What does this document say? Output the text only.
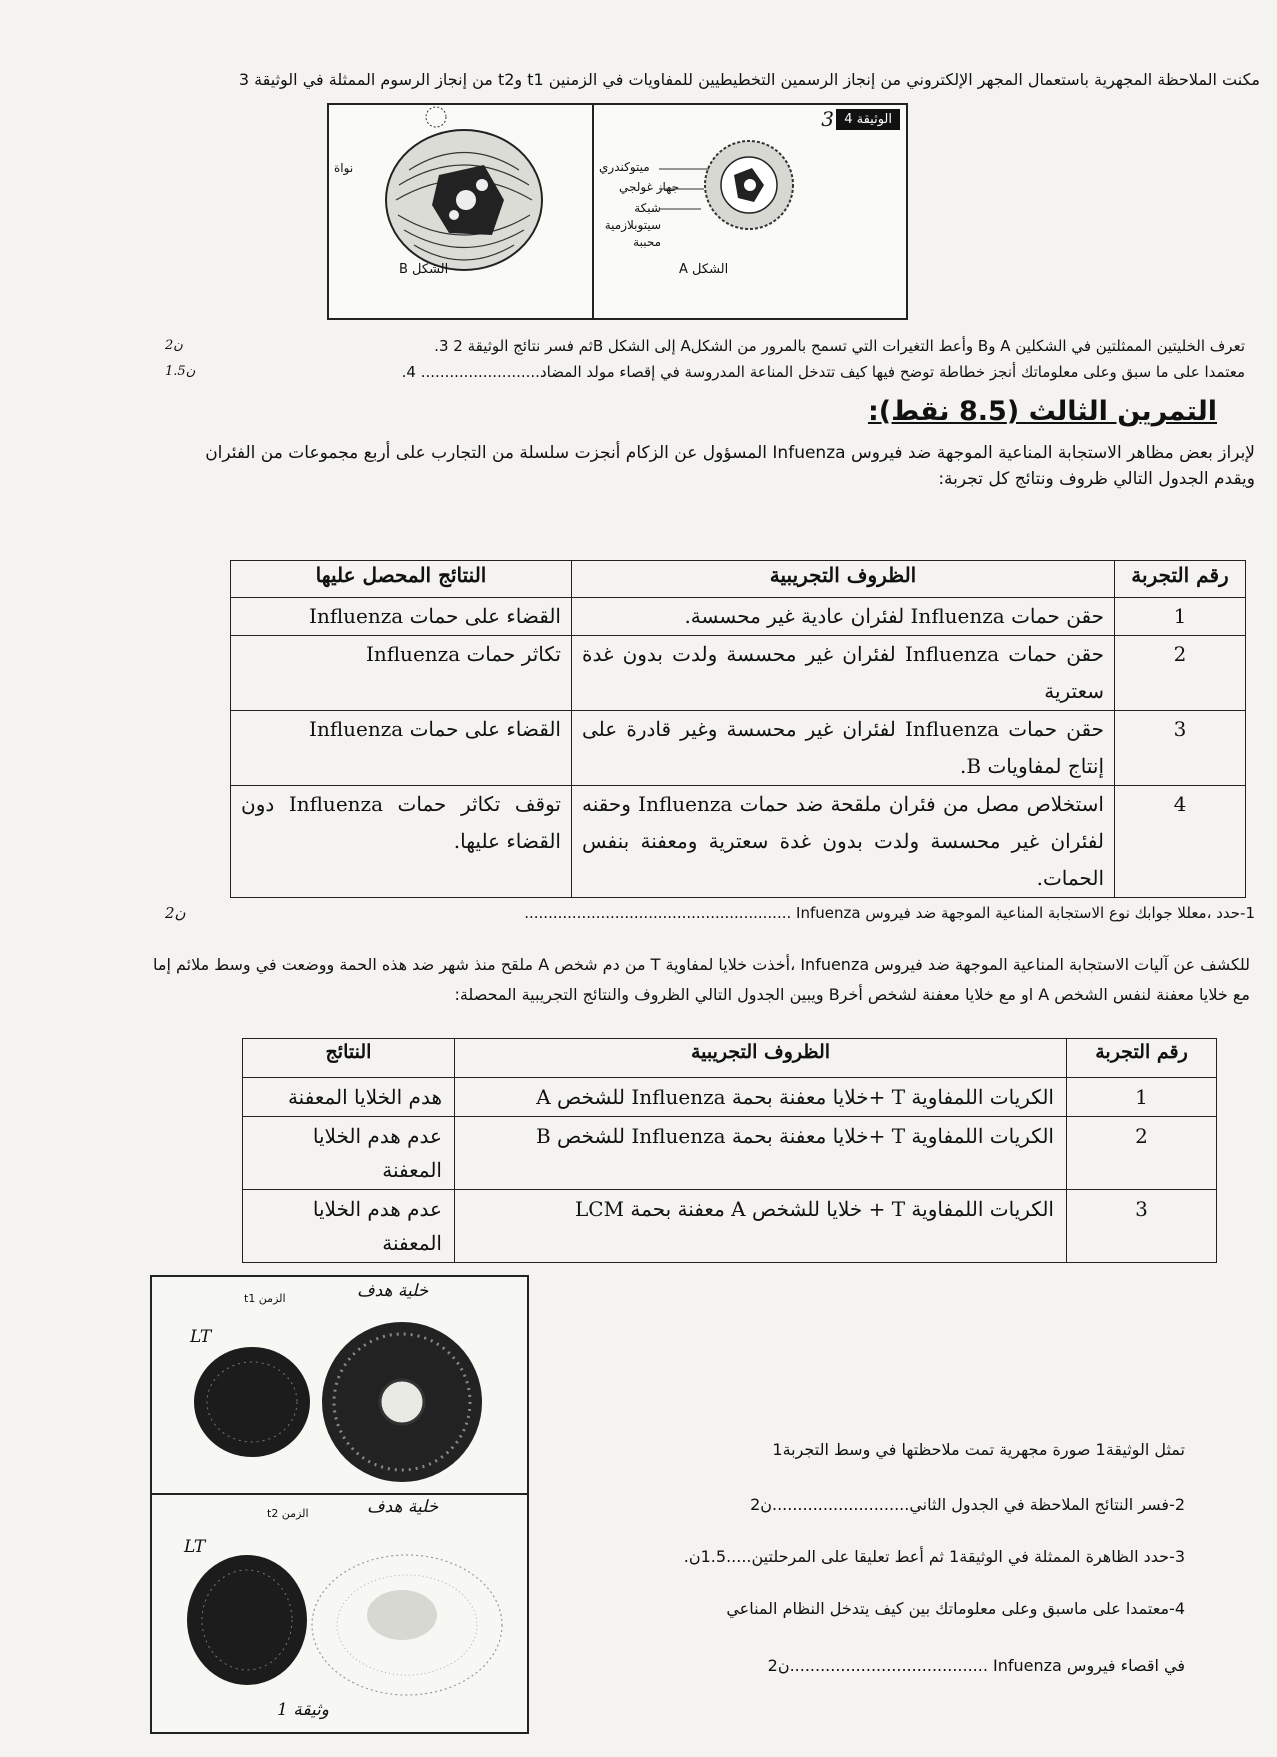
مكنت الملاحظة المجهرية باستعمال المجهر الإلكتروني من إنجاز الرسمين التخطيطيين للمفاويات في الزمنين t1 وt2 من إنجاز الرسوم الممثلة في الوثيقة 3
الوثيقة 4
3
نواة
الشكل B
ميتوكندري
جهاز غولجي
شبكة سيتوبلازمية محببة
الشكل A
تعرف الخليتين الممثلتين في الشكلين A وB وأعط التغيرات التي تسمح بالمرور من الشكلA إلى الشكل Bثم فسر نتائج الوثيقة 2 3.
ن2
معتمدا على ما سبق وعلى معلوماتك أنجز خطاطة توضح فيها كيف تتدخل المناعة المدروسة في إقصاء مولد المضاد......................... 4.
ن1.5
التمرين الثالث (8.5 نقط):
لإبراز بعض مظاهر الاستجابة المناعية الموجهة ضد فيروس Infuenza المسؤول عن الزكام أنجزت سلسلة من التجارب على أربع مجموعات من الفئران ويقدم الجدول التالي ظروف ونتائج كل تجربة:
رقم التجربة	الظروف التجريبية	النتائج المحصل عليها
1	حقن حمات Influenza لفئران عادية غير محسسة.	القضاء على حمات Influenza
2	حقن حمات Influenza لفئران غير محسسة ولدت بدون غدة سعترية	تكاثر حمات Influenza
3	حقن حمات Influenza لفئران غير محسسة وغير قادرة على إنتاج لمفاويات B.	القضاء على حمات Influenza
4	استخلاص مصل من فئران ملقحة ضد حمات Influenza وحقنه لفئران غير محسسة ولدت بدون غدة سعترية ومعفنة بنفس الحمات.	توقف تكاثر حمات Influenza دون القضاء عليها.
1-حدد ،معللا جوابك نوع الاستجابة المناعية الموجهة ضد فيروس Infuenza ........................................................
ن2
للكشف عن آليات الاستجابة المناعية الموجهة ضد فيروس Infuenza ،أخذت خلايا لمفاوية T من دم شخص A ملقح منذ شهر ضد هذه الحمة ووضعت في وسط ملائم إما مع خلايا معفنة لنفس الشخص A او مع خلايا معفنة لشخص أخرB ويبين الجدول التالي الظروف والنتائج التجريبية المحصلة:
رقم التجربة	الظروف التجريبية	النتائج
1	الكريات اللمفاوية T +خلايا معفنة بحمة Influenza للشخص A	هدم الخلايا المعفنة
2	الكريات اللمفاوية T +خلايا معفنة بحمة Influenza للشخص B	عدم هدم الخلايا المعفنة
3	الكريات اللمفاوية T + خلايا للشخص A معفنة بحمة LCM	عدم هدم الخلايا المعفنة
الزمن t1	خلية هدف
LT
الزمن t2	خلية هدف
LT
وثيقة 1
تمثل الوثيقة1 صورة مجهرية تمت ملاحظتها في وسط التجربة1
2-فسر النتائج الملاحظة في الجدول الثاني...........................ن2
3-حدد الظاهرة الممثلة في الوثيقة1 ثم أعط تعليقا على المرحلتين.....1.5ن.
4-معتمدا على ماسبق وعلى معلوماتك بين كيف يتدخل النظام المناعي
في اقصاء فيروس Infuenza .......................................ن2
